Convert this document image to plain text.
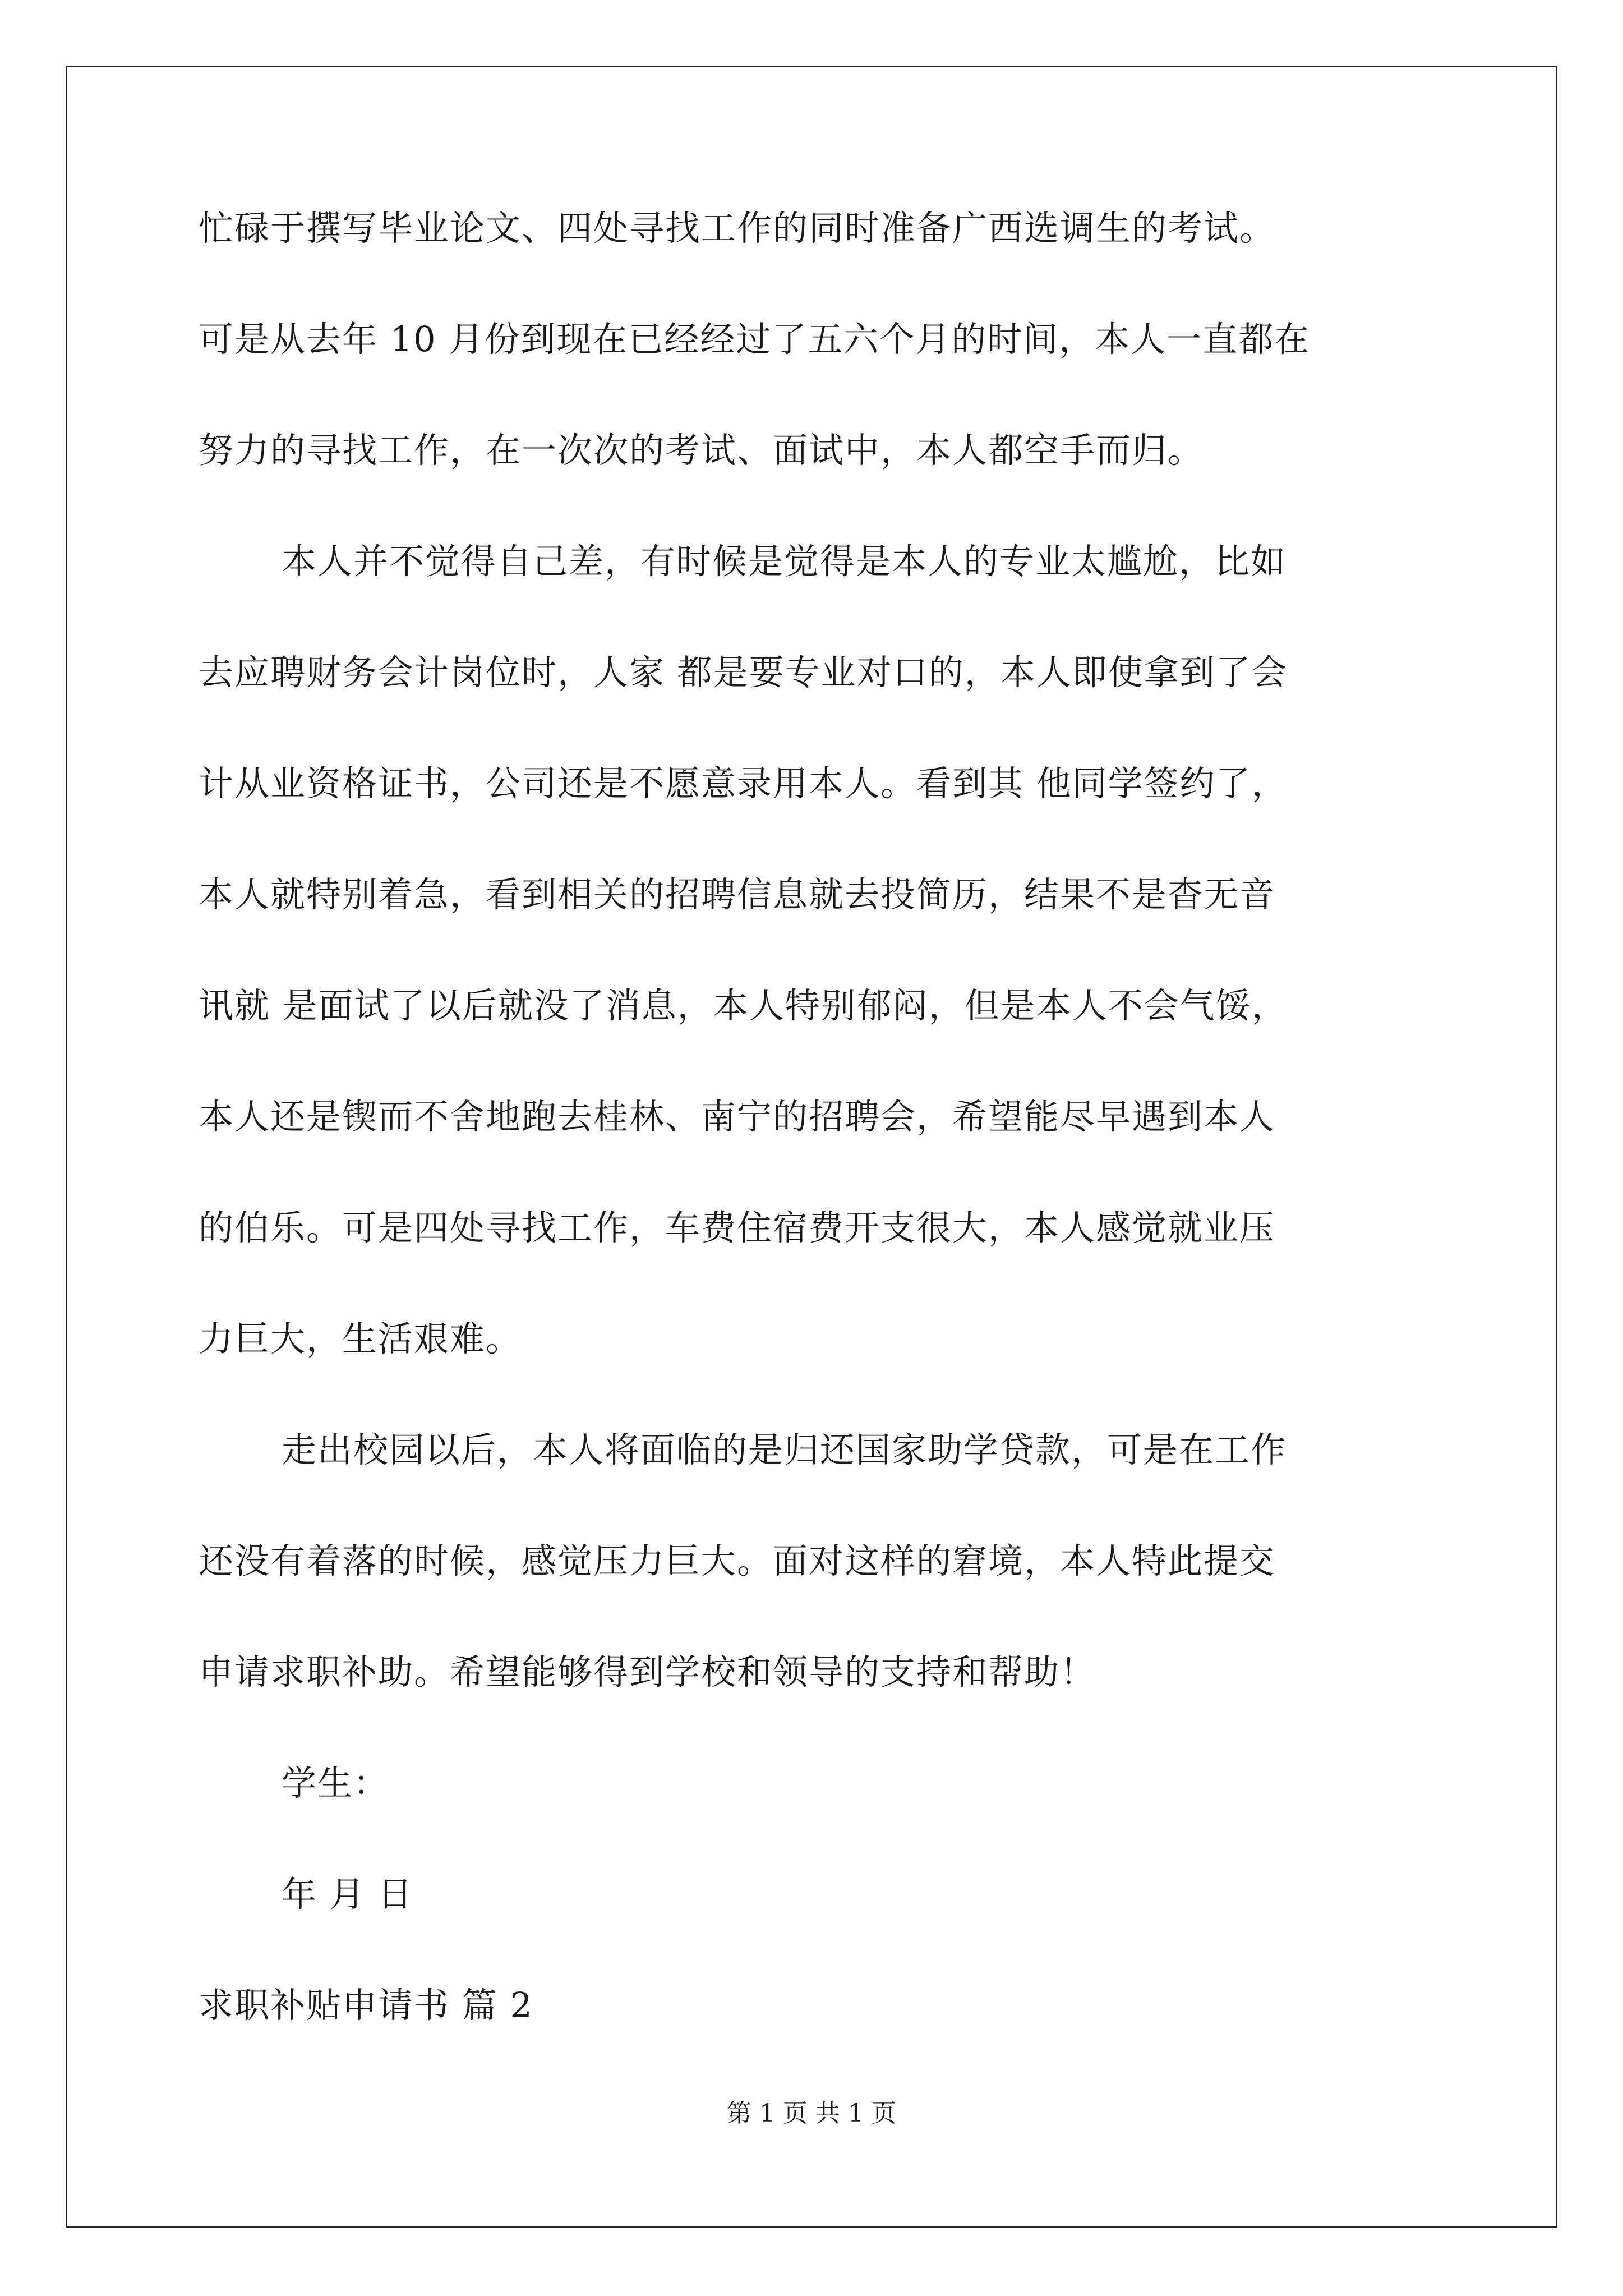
忙碌于撰写毕业论文、四处寻找工作的同时准备广西选调生的考试。
可是从去年 10 月份到现在已经经过了五六个月的时间，本人一直都在
努力的寻找工作，在一次次的考试、面试中，本人都空手而归。
本人并不觉得自己差，有时候是觉得是本人的专业太尴尬，比如
去应聘财务会计岗位时，人家 都是要专业对口的，本人即使拿到了会
计从业资格证书，公司还是不愿意录用本人。看到其 他同学签约了，
本人就特别着急，看到相关的招聘信息就去投简历，结果不是杳无音
讯就 是面试了以后就没了消息，本人特别郁闷，但是本人不会气馁，
本人还是锲而不舍地跑去桂林、南宁的招聘会，希望能尽早遇到本人
的伯乐。可是四处寻找工作，车费住宿费开支很大，本人感觉就业压
力巨大，生活艰难。
走出校园以后，本人将面临的是归还国家助学贷款，可是在工作
还没有着落的时候，感觉压力巨大。面对这样的窘境，本人特此提交
申请求职补助。希望能够得到学校和领导的支持和帮助！
学生：
年 月 日
求职补贴申请书 篇 2
第 1 页 共 1 页
